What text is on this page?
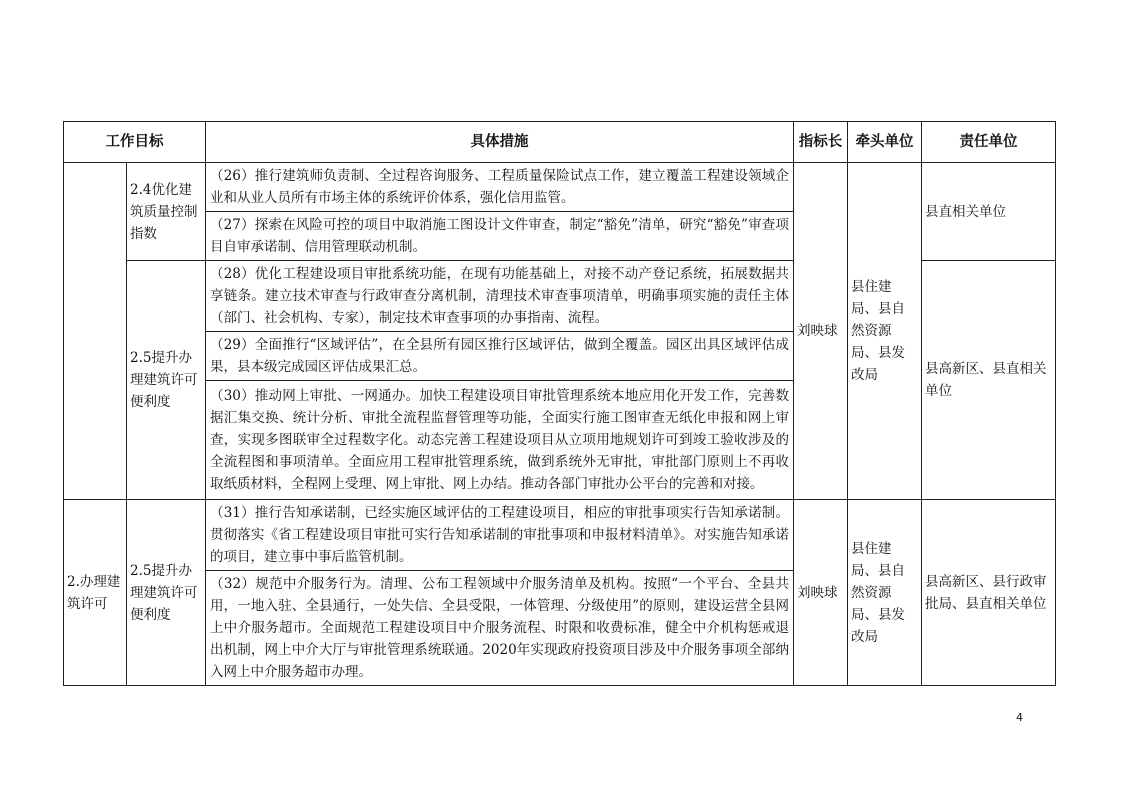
工作目标		具体措施	指标长	牵头单位	责任单位
	2.4优化建筑质量控制指数	（26）推行建筑师负责制、全过程咨询服务、工程质量保险试点工作，建立覆盖工程建设领域企业和从业人员所有市场主体的系统评价体系，强化信用监管。	刘映球	县住建局、县自然资源局、县发改局	县直相关单位
		（27）探索在风险可控的项目中取消施工图设计文件审查，制定“豁免”清单，研究“豁免”审查项目自审承诺制、信用管理联动机制。			
	2.5提升办理建筑许可便利度	（28）优化工程建设项目审批系统功能，在现有功能基础上，对接不动产登记系统，拓展数据共享链条。建立技术审查与行政审查分离机制，清理技术审查事项清单，明确事项实施的责任主体（部门、社会机构、专家），制定技术审查事项的办事指南、流程。			县高新区、县直相关单位
		（29）全面推行“区域评估”，在全县所有园区推行区域评估，做到全覆盖。园区出具区域评估成果，县本级完成园区评估成果汇总。			
		（30）推动网上审批、一网通办。加快工程建设项目审批管理系统本地应用化开发工作，完善数据汇集交换、统计分析、审批全流程监督管理等功能，全面实行施工图审查无纸化申报和网上审查，实现多图联审全过程数字化。动态完善工程建设项目从立项用地规划许可到竣工验收涉及的全流程图和事项清单。全面应用工程审批管理系统，做到系统外无审批，审批部门原则上不再收取纸质材料，全程网上受理、网上审批、网上办结。推动各部门审批办公平台的完善和对接。			
2.办理建筑许可	2.5提升办理建筑许可便利度	（31）推行告知承诺制，已经实施区域评估的工程建设项目，相应的审批事项实行告知承诺制。贯彻落实《省工程建设项目审批可实行告知承诺制的审批事项和申报材料清单》。对实施告知承诺的项目，建立事中事后监管机制。	刘映球	县住建局、县自然资源局、县发改局	县高新区、县行政审批局、县直相关单位
		（32）规范中介服务行为。清理、公布工程领域中介服务清单及机构。按照“一个平台、全县共用，一地入驻、全县通行，一处失信、全县受限，一体管理、分级使用”的原则，建设运营全县网上中介服务超市。全面规范工程建设项目中介服务流程、时限和收费标准，健全中介机构惩戒退出机制，网上中介大厅与审批管理系统联通。2020年实现政府投资项目涉及中介服务事项全部纳入网上中介服务超市办理。			
4
